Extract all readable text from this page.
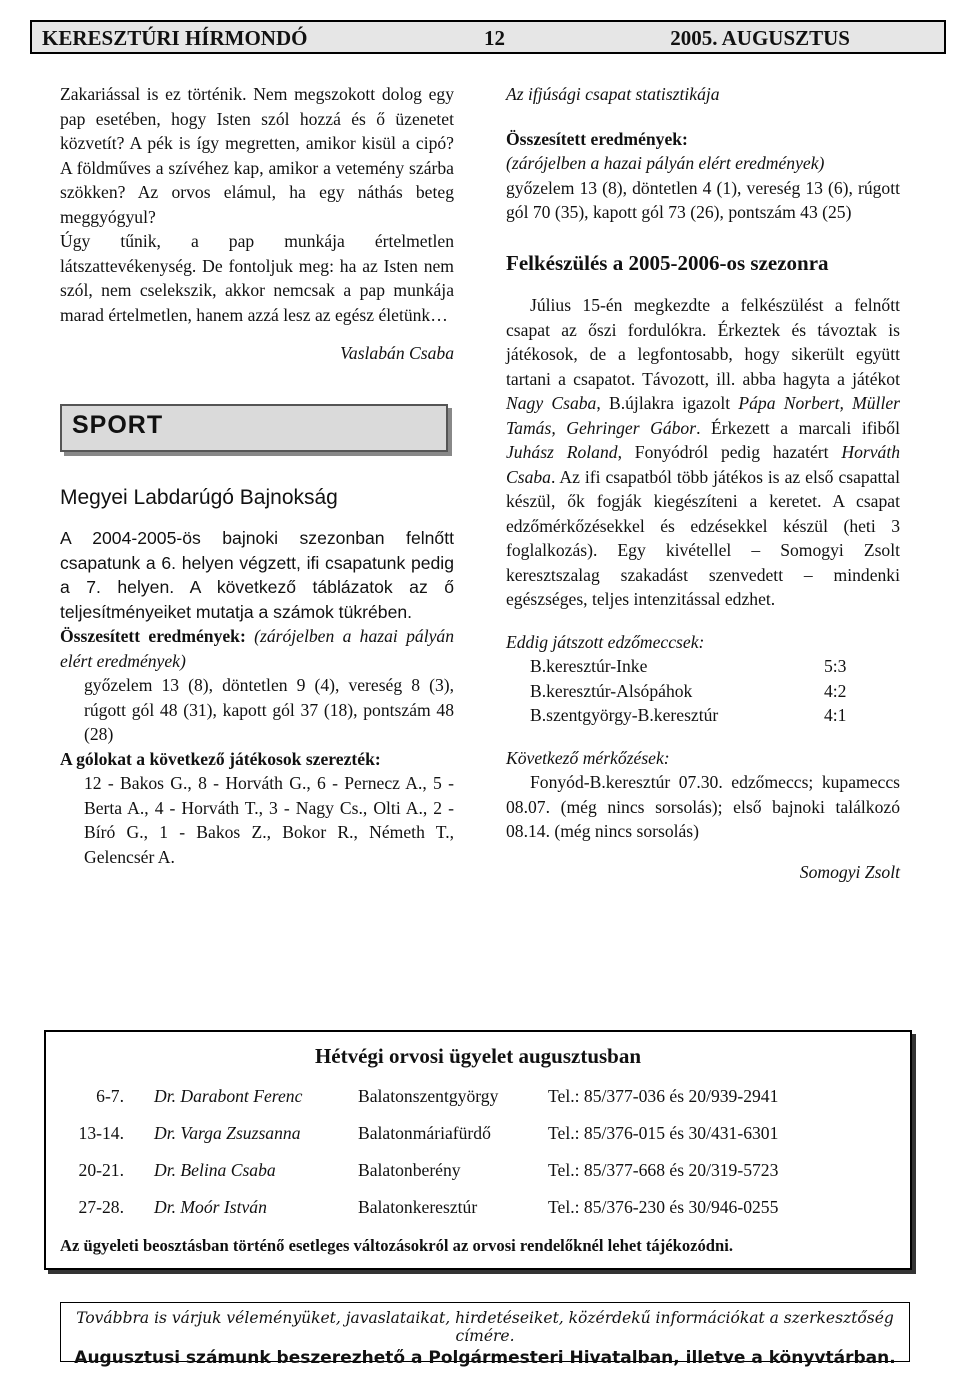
KERESZTÚRI HÍRMONDÓ	12	2005. AUGUSZTUS

Zakariással is ez történik. Nem megszokott dolog egy pap esetében, hogy Isten szól hozzá és ő üzenetet közvetít? A pék is így megretten, amikor kisül a cipó? A földműves a szívéhez kap, amikor a vetemény szárba szökken? Az orvos elámul, ha egy náthás beteg meggyógyul?

Úgy tűnik, a pap munkája értelmetlen látszattevékenység. De fontoljuk meg: ha az Isten nem szól, nem cselekszik, akkor nemcsak a pap munkája marad értelmetlen, hanem azzá lesz az egész életünk…

Vaslabán Csaba

SPORT

Megyei Labdarúgó Bajnokság

A 2004-2005-ös bajnoki szezonban felnőtt csapatunk a 6. helyen végzett, ifi csapatunk pedig a 7. helyen. A következő táblázatok az ő teljesítményeiket mutatja a számok tükrében.

Összesített eredmények: (zárójelben a hazai pályán elért eredmények)

győzelem 13 (8), döntetlen 9 (4), vereség 8 (3), rúgott gól 48 (31), kapott gól 37 (18), pontszám 48 (28)

A gólokat a következő játékosok szerezték:

12 - Bakos G., 8 - Horváth G., 6 - Pernecz A., 5 - Berta A., 4 - Horváth T., 3 - Nagy Cs., Olti A., 2 - Bíró G., 1 - Bakos Z., Bokor R., Németh T., Gelencsér A.

Az ifjúsági csapat statisztikája

Összesített eredmények:

(zárójelben a hazai pályán elért eredmények)

győzelem 13 (8), döntetlen 4 (1), vereség 13 (6), rúgott gól 70 (35), kapott gól 73 (26), pontszám 43 (25)

Felkészülés a 2005-2006-os szezonra

Július 15-én megkezdte a felkészülést a felnőtt csapat az őszi fordulókra. Érkeztek és távoztak is játékosok, de a legfontosabb, hogy sikerült együtt tartani a csapatot. Távozott, ill. abba hagyta a játékot Nagy Csaba, B.újlakra igazolt Pápa Norbert, Müller Tamás, Gehringer Gábor. Érkezett a marcali ifiből Juhász Roland, Fonyódról pedig hazatért Horváth Csaba. Az ifi csapatból több játékos is az első csapattal készül, ők fogják kiegészíteni a keretet. A csapat edzőmérkőzésekkel és edzésekkel készül (heti 3 foglalkozás). Egy kivétellel – Somogyi Zsolt keresztszalag szakadást szenvedett – mindenki egészséges, teljes intenzitással edzhet.

Eddig játszott edzőmeccsek:

B.keresztúr-Inke	5:3
B.keresztúr-Alsópáhok	4:2
B.szentgyörgy-B.keresztúr	4:1

Következő mérkőzések:

Fonyód-B.keresztúr 07.30. edzőmeccs; kupameccs 08.07. (még nincs sorsolás); első bajnoki találkozó 08.14. (még nincs sorsolás)

Somogyi Zsolt

Hétvégi orvosi ügyelet augusztusban
6-7. Dr. Darabont Ferenc	Balatonszentgyörgy	Tel.: 85/377-036 és 20/939-2941
13-14. Dr. Varga Zsuzsanna	Balatonmáriafürdő	Tel.: 85/376-015 és 30/431-6301
20-21. Dr. Belina Csaba	Balatonberény	Tel.: 85/377-668 és 20/319-5723
27-28. Dr. Moór István	Balatonkeresztúr	Tel.: 85/376-230 és 30/946-0255
Az ügyeleti beosztásban történő esetleges változásokról az orvosi rendelőknél lehet tájékozódni.
Továbbra is várjuk véleményüket, javaslataikat, hirdetéseiket, közérdekű információkat a szerkesztőség címére.
Augusztusi számunk beszerezhető a Polgármesteri Hivatalban, illetve a könyvtárban.
